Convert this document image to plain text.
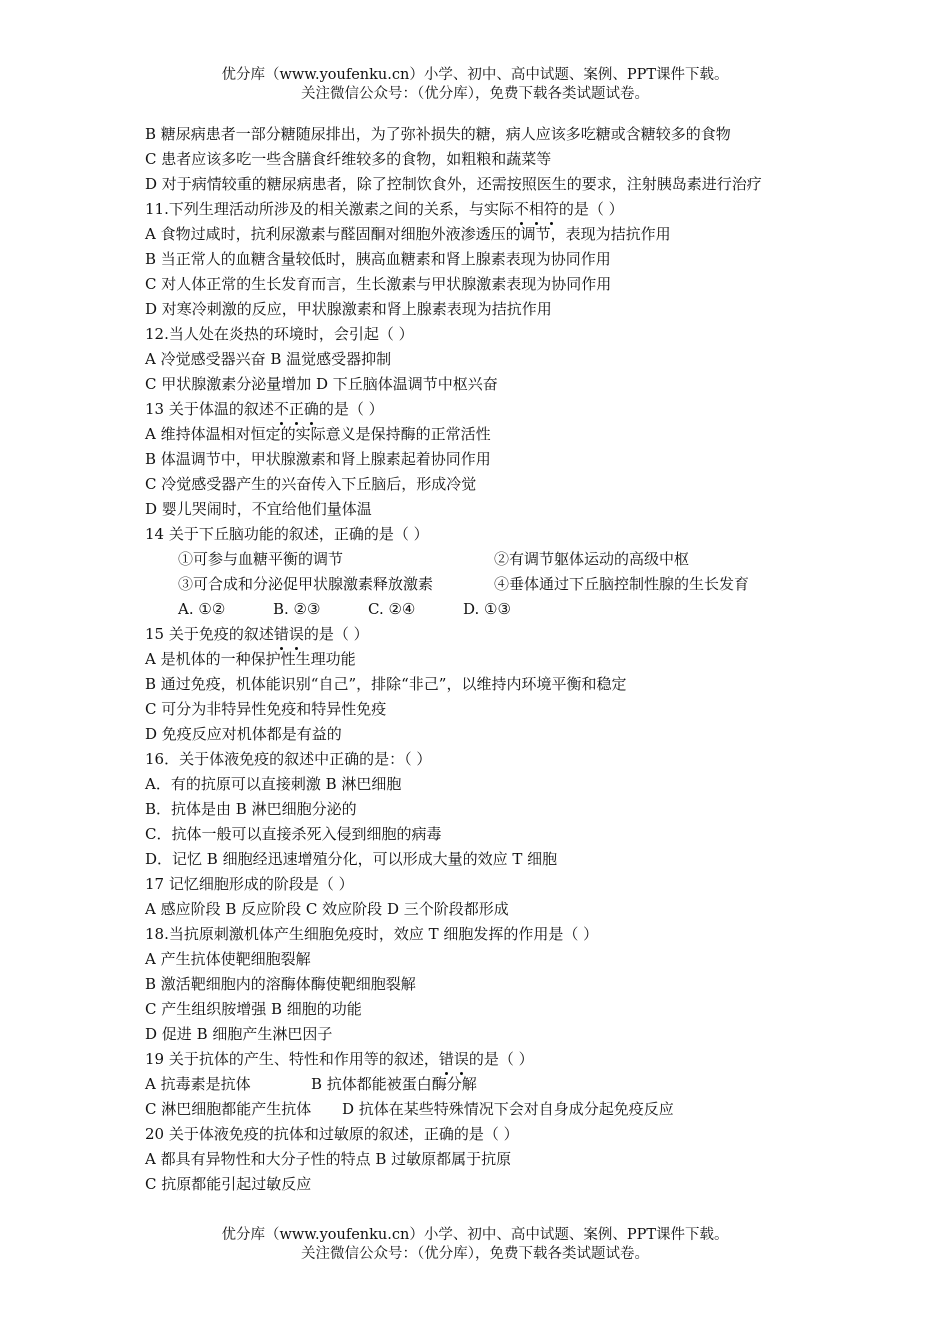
优分库（www.youfenku.cn）小学、初中、高中试题、案例、PPT课件下载。
关注微信公众号：（优分库），免费下载各类试题试卷。
B 糖尿病患者一部分糖随尿排出，为了弥补损失的糖，病人应该多吃糖或含糖较多的食物
C 患者应该多吃一些含膳食纤维较多的食物，如粗粮和蔬菜等
D 对于病情较重的糖尿病患者，除了控制饮食外，还需按照医生的要求，注射胰岛素进行治疗
11.下列生理活动所涉及的相关激素之间的关系，与实际不相符的是（ ）
A 食物过咸时，抗利尿激素与醛固酮对细胞外液渗透压的调节，表现为拮抗作用
B 当正常人的血糖含量较低时，胰高血糖素和肾上腺素表现为协同作用
C 对人体正常的生长发育而言，生长激素与甲状腺激素表现为协同作用
D 对寒冷刺激的反应，甲状腺激素和肾上腺素表现为拮抗作用
12.当人处在炎热的环境时，会引起（ ）
A 冷觉感受器兴奋 B 温觉感受器抑制
C 甲状腺激素分泌量增加 D 下丘脑体温调节中枢兴奋
13 关于体温的叙述不正确的是（ ）
A 维持体温相对恒定的实际意义是保持酶的正常活性
B 体温调节中，甲状腺激素和肾上腺素起着协同作用
C 冷觉感受器产生的兴奋传入下丘脑后，形成冷觉
D 婴儿哭闹时，不宜给他们量体温
14 关于下丘脑功能的叙述，正确的是（ ）
①可参与血糖平衡的调节	②有调节躯体运动的高级中枢
③可合成和分泌促甲状腺激素释放激素	④垂体通过下丘脑控制性腺的生长发育
A. ①②	B. ②③	C. ②④	D. ①③
15 关于免疫的叙述错误的是（ ）
A 是机体的一种保护性生理功能
B 通过免疫，机体能识别“自己”，排除“非己”，以维持内环境平衡和稳定
C 可分为非特异性免疫和特异性免疫
D 免疫反应对机体都是有益的
16．关于体液免疫的叙述中正确的是：（ ）
A．有的抗原可以直接刺激 B 淋巴细胞
B．抗体是由 B 淋巴细胞分泌的
C．抗体一般可以直接杀死入侵到细胞的病毒
D．记忆 B 细胞经迅速增殖分化，可以形成大量的效应 T 细胞
17 记忆细胞形成的阶段是（ ）
A 感应阶段 B 反应阶段 C 效应阶段 D 三个阶段都形成
18.当抗原刺激机体产生细胞免疫时，效应 T 细胞发挥的作用是（ ）
A 产生抗体使靶细胞裂解
B 激活靶细胞内的溶酶体酶使靶细胞裂解
C 产生组织胺增强 B 细胞的功能
D 促进 B 细胞产生淋巴因子
19 关于抗体的产生、特性和作用等的叙述，错误的是（ ）
A 抗毒素是抗体	B 抗体都能被蛋白酶分解
C 淋巴细胞都能产生抗体 D 抗体在某些特殊情况下会对自身成分起免疫反应
20 关于体液免疫的抗体和过敏原的叙述，正确的是（ ）
A 都具有异物性和大分子性的特点 B 过敏原都属于抗原
C 抗原都能引起过敏反应
优分库（www.youfenku.cn）小学、初中、高中试题、案例、PPT课件下载。
关注微信公众号：（优分库），免费下载各类试题试卷。
